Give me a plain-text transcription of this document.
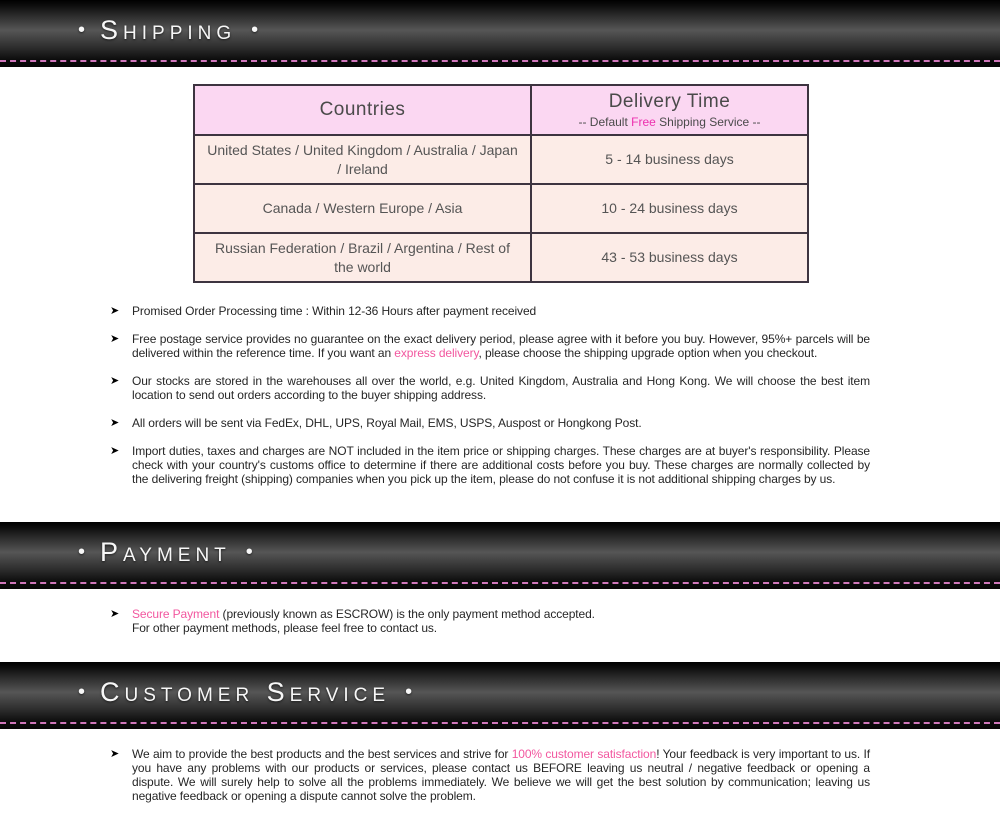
• Shipping •
Countries	Delivery Time
-- Default Free Shipping Service --

United States / United Kingdom / Australia / Japan / Ireland	5 - 14 business days
Canada / Western Europe / Asia	10 - 24 business days
Russian Federation / Brazil / Argentina / Rest of the world	43 - 53 business days
➤	Promised Order Processing time : Within 12-36 Hours after payment received
➤	Free postage service provides no guarantee on the exact delivery period, please agree with it before you buy. However, 95%+ parcels will be delivered within the reference time. If you want an express delivery, please choose the shipping upgrade option when you checkout.
➤	Our stocks are stored in the warehouses all over the world, e.g. United Kingdom, Australia and Hong Kong. We will choose the best item location to send out orders according to the buyer shipping address.
➤	All orders will be sent via FedEx, DHL, UPS, Royal Mail, EMS, USPS, Auspost or Hongkong Post.
➤	Import duties, taxes and charges are NOT included in the item price or shipping charges. These charges are at buyer's responsibility. Please check with your country's customs office to determine if there are additional costs before you buy. These charges are normally collected by the delivering freight (shipping) companies when you pick up the item, please do not confuse it is not additional shipping charges by us.
• Payment •
➤	Secure Payment (previously known as ESCROW) is the only payment method accepted.
For other payment methods, please feel free to contact us.
• Customer Service •
➤	We aim to provide the best products and the best services and strive for 100% customer satisfaction! Your feedback is very important to us. If you have any problems with our products or services, please contact us BEFORE leaving us neutral / negative feedback or opening a dispute. We will surely help to solve all the problems immediately. We believe we will get the best solution by communication; leaving us negative feedback or opening a dispute cannot solve the problem.
